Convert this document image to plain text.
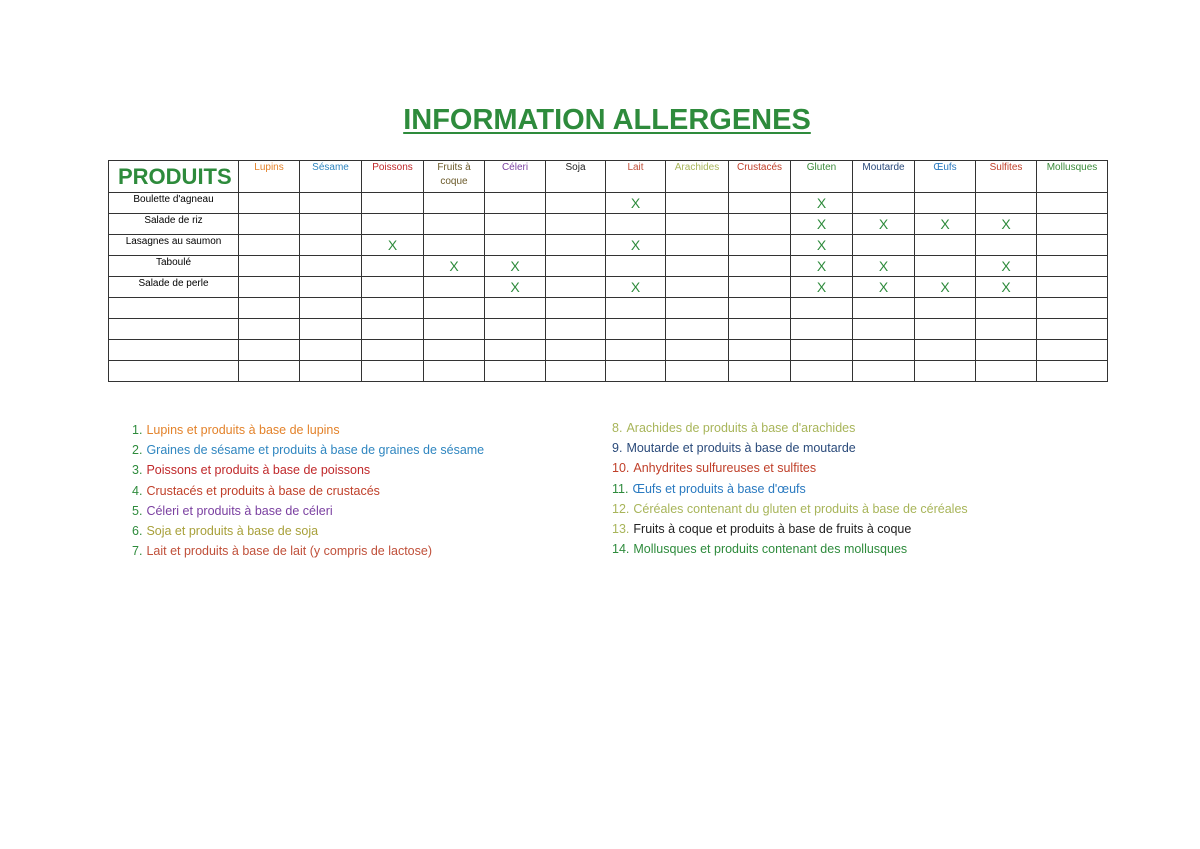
INFORMATION ALLERGENES
PRODUITS	Lupins	Sésame	Poissons	Fruits à coque	Céleri	Soja	Lait	Arachides	Crustacés	Gluten	Moutarde	Œufs	Sulfites	Mollusques
Boulette d'agneau							X			X				
Salade de riz										X	X	X	X	
Lasagnes au saumon			X				X			X				
Taboulé				X	X					X	X		X	
Salade de perle					X		X			X	X	X	X	

1. Lupins et produits à base de lupins
2. Graines de sésame et produits à base de graines de sésame
3. Poissons et produits à base de poissons
4. Crustacés et produits à base de crustacés
5. Céleri et produits à base de céleri
6. Soja et produits à base de soja
7. Lait et produits à base de lait (y compris de lactose)
8. Arachides de produits à base d'arachides
9. Moutarde et produits à base de moutarde
10. Anhydrites sulfureuses et sulfites
11. Œufs et produits à base d'œufs
12. Céréales contenant du gluten et produits à base de céréales
13. Fruits à coque et produits à base de fruits à coque
14. Mollusques et produits contenant des mollusques
